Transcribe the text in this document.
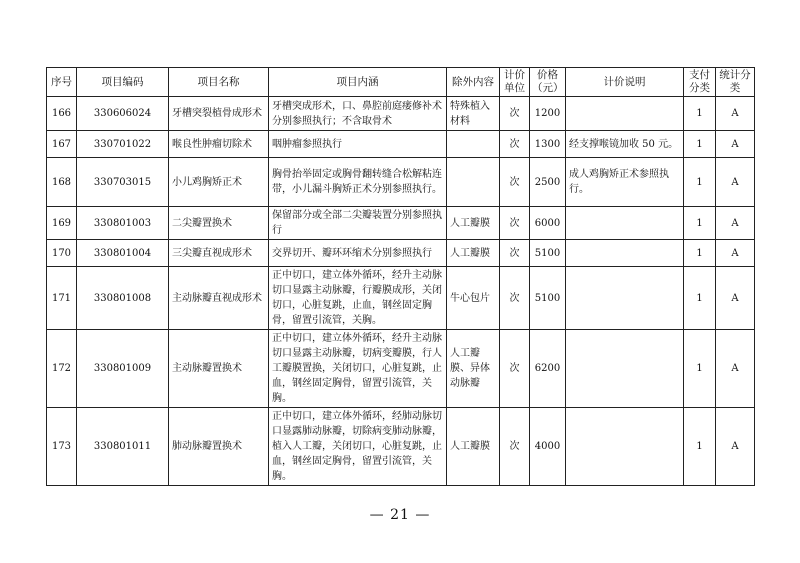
序号	项目编码	项目名称	项目内涵	除外内容	计价单位	价格（元）	计价说明	支付分类	统计分类
166	330606024	牙槽突裂植骨成形术	牙槽突成形术，口、鼻腔前庭瘘修补术分别参照执行；不含取骨术	特殊植入材料	次	1200		1	A
167	330701022	喉良性肿瘤切除术	咽肿瘤参照执行		次	1300	经支撑喉镜加收 50 元。	1	A
168	330703015	小儿鸡胸矫正术	胸骨抬举固定或胸骨翻转缝合松解粘连带，小儿漏斗胸矫正术分别参照执行。		次	2500	成人鸡胸矫正术参照执行。	1	A
169	330801003	二尖瓣置换术	保留部分或全部二尖瓣装置分别参照执行	人工瓣膜	次	6000		1	A
170	330801004	三尖瓣直视成形术	交界切开、瓣环环缩术分别参照执行	人工瓣膜	次	5100		1	A
171	330801008	主动脉瓣直视成形术	正中切口，建立体外循环，经升主动脉切口显露主动脉瓣，行瓣膜成形，关闭切口，心脏复跳，止血，钢丝固定胸骨，留置引流管，关胸。	牛心包片	次	5100		1	A
172	330801009	主动脉瓣置换术	正中切口，建立体外循环，经升主动脉切口显露主动脉瓣，切病变瓣膜，行人工瓣膜置换，关闭切口，心脏复跳，止血，钢丝固定胸骨，留置引流管，关胸。	人工瓣膜、异体动脉瓣	次	6200		1	A
173	330801011	肺动脉瓣置换术	正中切口，建立体外循环，经肺动脉切口显露肺动脉瓣，切除病变肺动脉瓣，植入人工瓣，关闭切口，心脏复跳，止血，钢丝固定胸骨，留置引流管，关胸。	人工瓣膜	次	4000		1	A
— 21 —
